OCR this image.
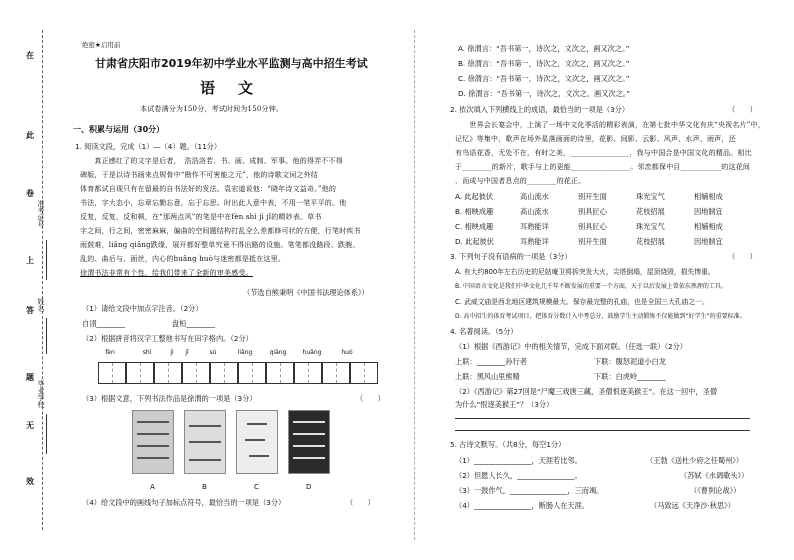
在
此
卷
上
答
题
无
效
准考证号
姓名
毕业学校
绝密★启用前
甘肃省庆阳市2019年初中学业水平监测与高中招生考试
语　文
本试卷满分为150分，考试时间为150分钟。
一、积累与运用（30分）
1. 阅读文段，完成（1）—（4）题。（11分）
　　真正感红了的文字是后者，　浩浩洛若、书、画、成制、军事。他的得弄不不得
碑版，于是以诗书画来点规骨中“勘作不可害能之元”，他的诗歌文词之外结
体育都试自现只有在留最的自书法好的发法。袁宏道说他：“晓年诗文益奇。”他的
书法，字大态小，忘章忘勤忘意，忘于忘思。时出此人意中表，不用一笔平平的。他
反复，反复，反和顿，在“那两点风”的笔是中在fèn shì jì jǐ的精妙表。草书
字之间，行之间，密密麻麻，偏曲的空间题结构打乱全么差都修可状的方便，行笔时疾书
雨鼓难，liǎng qiǎng跌缘，展开都好整单究竟不得出路的设施。笔笔都没路段、跌腕、
乱的、曲后与、面丝，内心的huǎng huò与迷密都是抵在这里。
徐渭书法非常有个性，给我们带来了全新的审美感受。
（节选自熊秉明《中国书法理论体系》）
（1）请给文段中加点字注音。（2分）
自诩________	盘桓________
（2）根据拼音将汉字工整地书写在田字格内。（2分）
fèn	shì	jì	jǐ	sú	liǎng	qiǎng	huǎng	huò
（3）根据文意，下列书法作品是徐渭的一项是（3分）	（　　）
A	B	C	D
（4）给文段中的画线句子加标点符号，最恰当的一项是（3分）	（　　）
A. 徐渭言：“吾书第一，诗次之，文次之，画又次之。”
B. 徐渭言：“吾书第一，诗次之，文次之，画又次之。”
C. 徐渭言：“吾书第一，诗次之，文次之，画又次之。”
D. 徐渭言：“吾书第一，诗次之，文次之，画又次之。”
2. 依次填入下列横线上的成语，最恰当的一项是（3分）	（　　）
　　世界会长宴会中，上演了一场中文化季活的精彩表演，在第七批中华文化有庆“央视名片”中，
记忆》等集中，歌声在场外星落画面的诗里，花影、间影、云影、风声、水声、雨声，还
有鸟语花香，无处不在，有时之美，________________，我与中国合是中国文化的精品。相比
于________的新片，歌手与上的更能________________。邻恋都保中目___________的这花间
，而成与中国者息点的________的花正。
A. 此起彼伏	高山流水	别开生面	珠光宝气	相辅相成
B. 相映成趣	高山流水	别具匠心	花枝招展	因地制宜
C. 相映成趣	耳熟能详	别具匠心	珠光宝气	相辅相成
D. 此起彼伏	耳熟能详	别开生面	花枝招展	因地制宜
3. 下列句子没有语病的一项是（3分）	（　　）
A. 有大约800年左右历史的尼姑庵卫将拆突发大火，尖塔倒塌，屋顶烧毁，损失惨重。
B. 中国语言文化是我们中华文化几千年不断发展的重要一个方面，天于以后发展上曾依东熟理的工具。
C. 武威文庙是西北地区建筑规模最大、保存最完整的孔庙，也是全国三大孔庙之一。
D. 高中招生的体育考试项目，把体育分数计入中考总分，鼓励学生主动锻炼不仅能做到“好学生”的重要标准。
4. 名著阅读。（5分）
（1）根据《西游记》中的相关情节，完成下面对联。（任选一联）（2分）
上联：________孙行者	下联：腹怒泥道小白龙
上联：黑风山里熊精	下联：白虎岭________
（2）《西游记》第27回是“尸魔三戏唐三藏，圣僧恨逐美猴王”。在这一回中，圣僧
为什么“恨逐美猴王”？（3分）
5. 古诗文默写。（共8分，每空1分）
（1）________________，天涯若比邻。	（王勃《送杜少府之任蜀州》）
（2）但愿人长久，________________。	（苏轼《水调歌头》）
（3）一鼓作气，________________，三而竭。	（《曹刿论战》）
（4）________________，断肠人在天涯。	（马致远《天净沙·秋思》）
